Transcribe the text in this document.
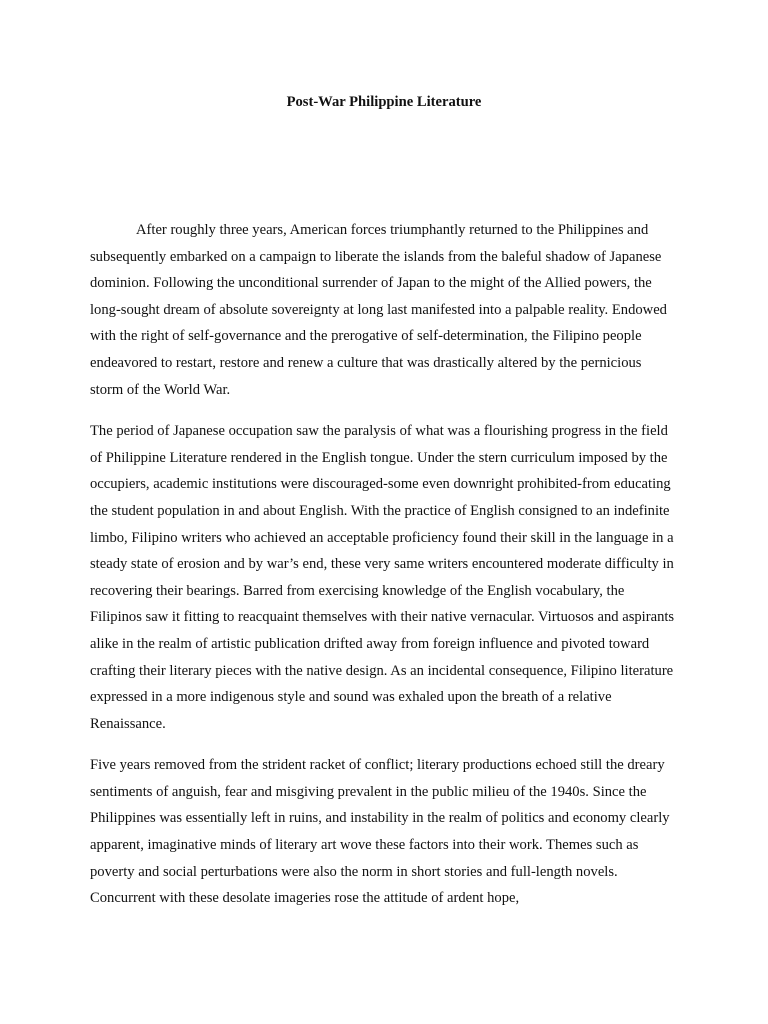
Post-War Philippine Literature

After roughly three years, American forces triumphantly returned to the Philippines and subsequently embarked on a campaign to liberate the islands from the baleful shadow of Japanese dominion. Following the unconditional surrender of Japan to the might of the Allied powers, the long-sought dream of absolute sovereignty at long last manifested into a palpable reality. Endowed with the right of self-governance and the prerogative of self-determination, the Filipino people endeavored to restart, restore and renew a culture that was drastically altered by the pernicious storm of the World War.

The period of Japanese occupation saw the paralysis of what was a flourishing progress in the field of Philippine Literature rendered in the English tongue. Under the stern curriculum imposed by the occupiers, academic institutions were discouraged-some even downright prohibited-from educating the student population in and about English. With the practice of English consigned to an indefinite limbo, Filipino writers who achieved an acceptable proficiency found their skill in the language in a steady state of erosion and by war’s end, these very same writers encountered moderate difficulty in recovering their bearings. Barred from exercising knowledge of the English vocabulary, the Filipinos saw it fitting to reacquaint themselves with their native vernacular. Virtuosos and aspirants alike in the realm of artistic publication drifted away from foreign influence and pivoted toward crafting their literary pieces with the native design. As an incidental consequence, Filipino literature expressed in a more indigenous style and sound was exhaled upon the breath of a relative Renaissance.

Five years removed from the strident racket of conflict; literary productions echoed still the dreary sentiments of anguish, fear and misgiving prevalent in the public milieu of the 1940s. Since the Philippines was essentially left in ruins, and instability in the realm of politics and economy clearly apparent, imaginative minds of literary art wove these factors into their work. Themes such as poverty and social perturbations were also the norm in short stories and full-length novels. Concurrent with these desolate imageries rose the attitude of ardent hope,
